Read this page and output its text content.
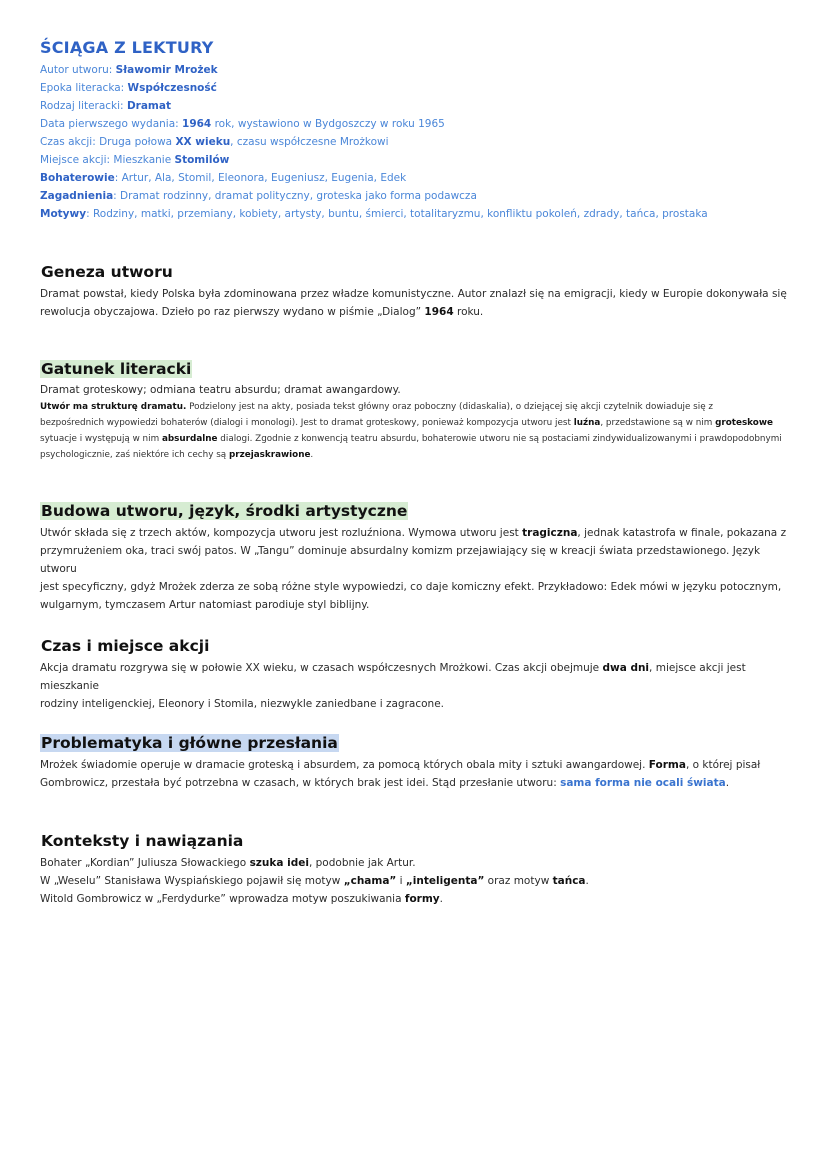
ŚCIĄGA Z LEKTURY
Autor utworu: Sławomir Mrożek
Epoka literacka: Współczesność
Rodzaj literacki: Dramat
Data pierwszego wydania: 1964 rok, wystawiono w Bydgoszczy w roku 1965
Czas akcji: Druga połowa XX wieku, czasu współczesne Mrożkowi
Miejsce akcji: Mieszkanie Stomilów
Bohaterowie: Artur, Ala, Stomil, Eleonora, Eugeniusz, Eugenia, Edek
Zagadnienia: Dramat rodzinny, dramat polityczny, groteska jako forma podawcza
Motywy: Rodziny, matki, przemiany, kobiety, artysty, buntu, śmierci, totalitaryzmu, konfliktu pokoleń, zdrady, tańca, prostaka
Geneza utworu

Dramat powstał, kiedy Polska była zdominowana przez władze komunistyczne. Autor znalazł się na emigracji, kiedy w Europie dokonywała się

rewolucja obyczajowa. Dzieło po raz pierwszy wydano w piśmie „Dialog” 1964 roku.

Gatunek literacki

Dramat groteskowy; odmiana teatru absurdu; dramat awangardowy.

Utwór ma strukturę dramatu. Podzielony jest na akty, posiada tekst główny oraz poboczny (didaskalia), o dziejącej się akcji czytelnik dowiaduje się z

bezpośrednich wypowiedzi bohaterów (dialogi i monologi). Jest to dramat groteskowy, ponieważ kompozycja utworu jest luźna, przedstawione są w nim groteskowe

sytuacje i występują w nim absurdalne dialogi. Zgodnie z konwencją teatru absurdu, bohaterowie utworu nie są postaciami zindywidualizowanymi i prawdopodobnymi

psychologicznie, zaś niektóre ich cechy są przejaskrawione.

Budowa utworu, język, środki artystyczne

Utwór składa się z trzech aktów, kompozycja utworu jest rozluźniona. Wymowa utworu jest tragiczna, jednak katastrofa w finale, pokazana z

przymrużeniem oka, traci swój patos. W „Tangu” dominuje absurdalny komizm przejawiający się w kreacji świata przedstawionego. Język utworu

jest specyficzny, gdyż Mrożek zderza ze sobą różne style wypowiedzi, co daje komiczny efekt. Przykładowo: Edek mówi w języku potocznym,

wulgarnym, tymczasem Artur natomiast parodiuje styl biblijny.

Czas i miejsce akcji

Akcja dramatu rozgrywa się w połowie XX wieku, w czasach współczesnych Mrożkowi. Czas akcji obejmuje dwa dni, miejsce akcji jest mieszkanie

rodziny inteligenckiej, Eleonory i Stomila, niezwykle zaniedbane i zagracone.

Problematyka i główne przesłania

Mrożek świadomie operuje w dramacie groteską i absurdem, za pomocą których obala mity i sztuki awangardowej. Forma, o której pisał

Gombrowicz, przestała być potrzebna w czasach, w których brak jest idei. Stąd przesłanie utworu: sama forma nie ocali świata.

Konteksty i nawiązania

Bohater „Kordian” Juliusza Słowackiego szuka idei, podobnie jak Artur.

W „Weselu” Stanisława Wyspiańskiego pojawił się motyw „chama” i „inteligenta” oraz motyw tańca.

Witold Gombrowicz w „Ferdydurke” wprowadza motyw poszukiwania formy.
